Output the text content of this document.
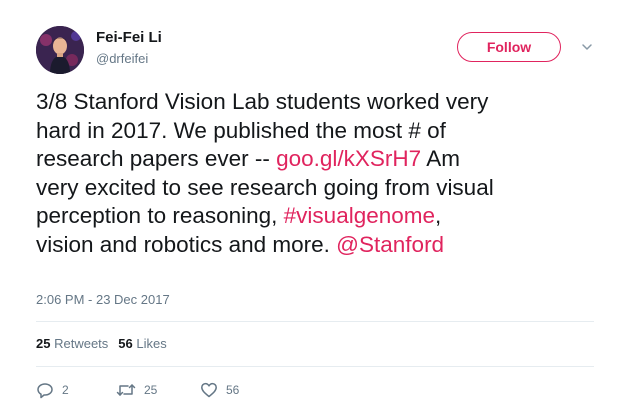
Fei-Fei Li
@drfeifei
Follow
3/8 Stanford Vision Lab students worked very
hard in 2017. We published the most # of
research papers ever -- goo.gl/kXSrH7 Am
very excited to see research going from visual
perception to reasoning, #visualgenome,
vision and robotics and more. @Stanford
2:06 PM - 23 Dec 2017
25 Retweets 56 Likes
2	25	56
